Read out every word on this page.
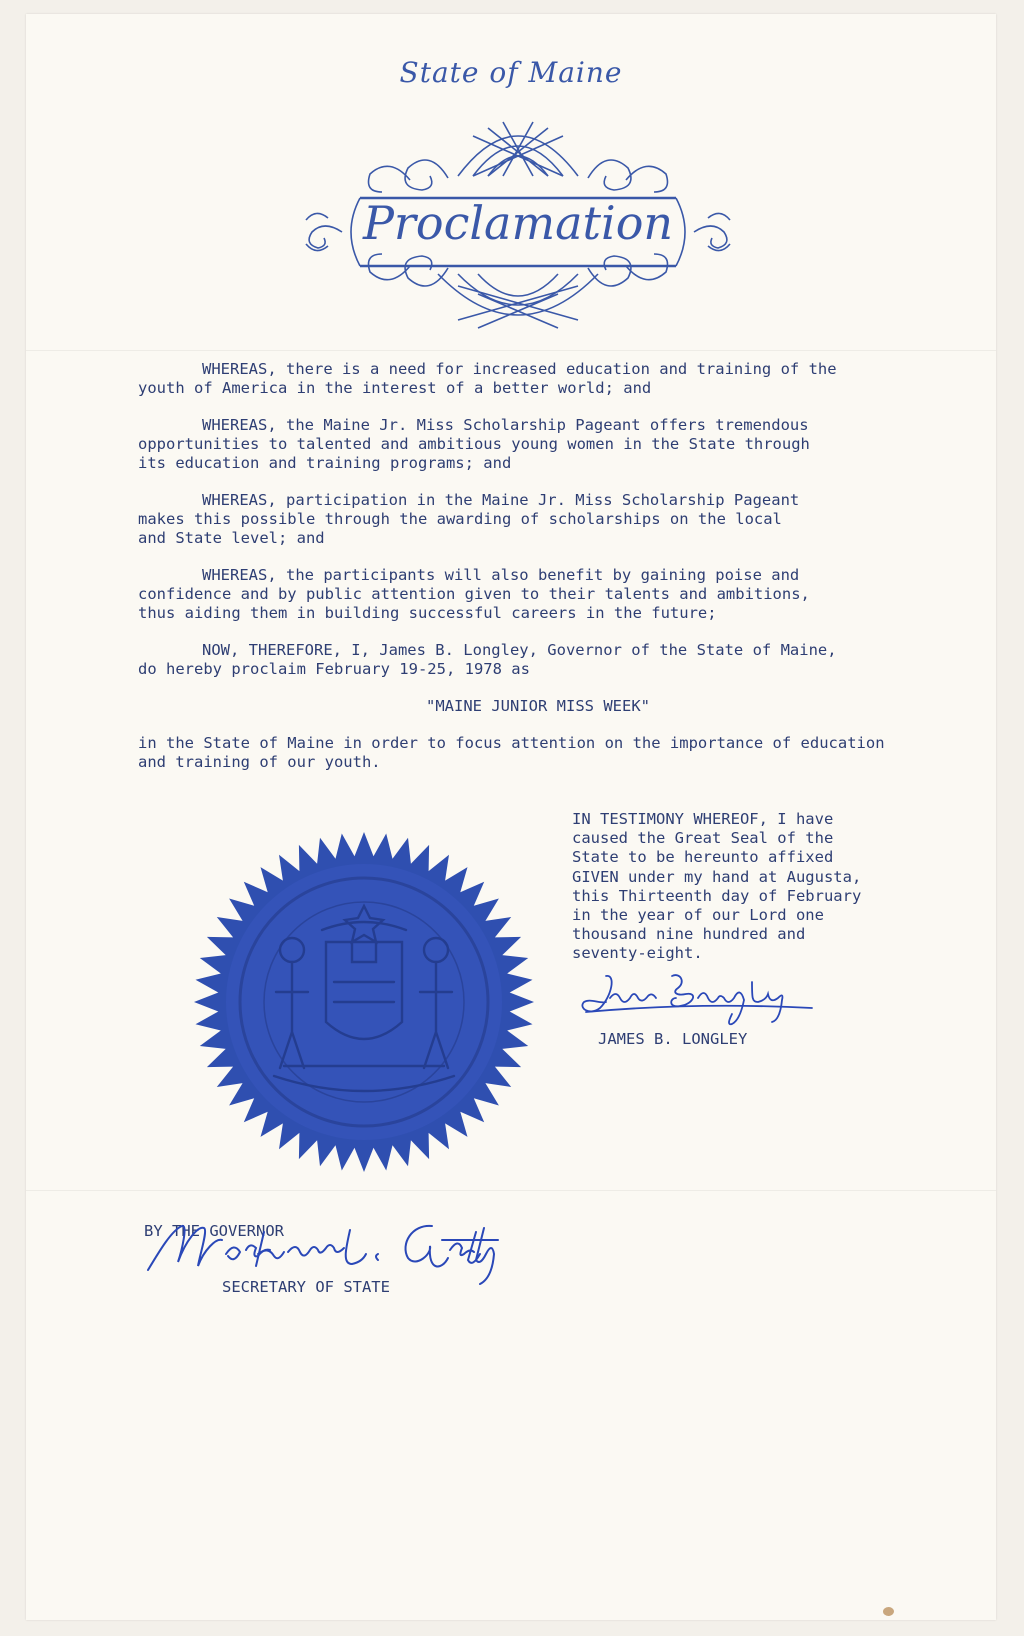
State of Maine
Proclamation

WHEREAS, there is a need for increased education and training of the
youth of America in the interest of a better world; and

WHEREAS, the Maine Jr. Miss Scholarship Pageant offers tremendous
opportunities to talented and ambitious young women in the State through
its education and training programs; and

WHEREAS, participation in the Maine Jr. Miss Scholarship Pageant
makes this possible through the awarding of scholarships on the local
and State level; and

WHEREAS, the participants will also benefit by gaining poise and
confidence and by public attention given to their talents and ambitions,
thus aiding them in building successful careers in the future;

NOW, THEREFORE, I, James B. Longley, Governor of the State of Maine,
do hereby proclaim February 19-25, 1978 as

"MAINE JUNIOR MISS WEEK"

in the State of Maine in order to focus attention on the importance of education
and training of our youth.

IN TESTIMONY WHEREOF, I have
caused the Great Seal of the
State to be hereunto affixed
GIVEN under my hand at Augusta,
this Thirteenth day of February
in the year of our Lord one
thousand nine hundred and
seventy-eight.
JAMES B. LONGLEY
BY THE GOVERNOR
SECRETARY OF STATE
